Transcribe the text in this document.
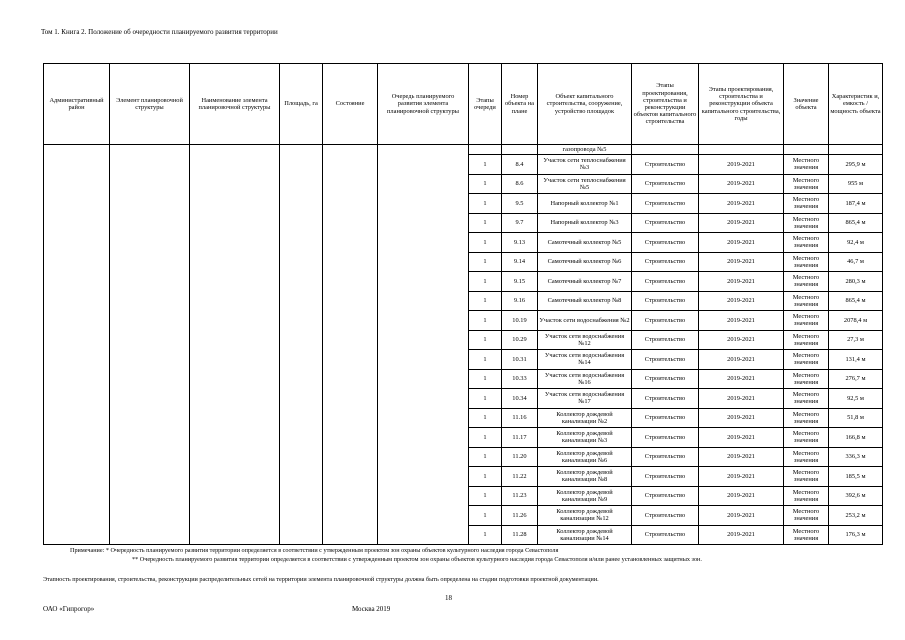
Том 1. Книга 2. Положение об очередности планируемого развития территории
Административный район	Элемент планировочной структуры	Наименование элемента планировочной структуры	Площадь, га	Состояние	Очередь планируемого развития элемента планировочной структуры	Этапы очереди	Номер объекта на плане	Объект капитального строительства, сооружение, устройство площадок	Этапы проектирования, строительства и реконструкции объектов капитального строительства	Этапы проектирования, строительства и реконструкции объекта капитального строительства, годы	Значение объекта	Характеристик и, емкость / мощность объекта
								газопровода №5				
						1	8.4	Участок сети теплоснабжения №3	Строительство	2019-2021	Местного значения	295,9 м
						1	8.6	Участок сети теплоснабжения №5	Строительство	2019-2021	Местного значения	955 м
						1	9.5	Напорный коллектор №1	Строительство	2019-2021	Местного значения	187,4 м
						1	9.7	Напорный коллектор №3	Строительство	2019-2021	Местного значения	865,4 м
						1	9.13	Самотечный коллектор №5	Строительство	2019-2021	Местного значения	92,4 м
						1	9.14	Самотечный коллектор №6	Строительство	2019-2021	Местного значения	46,7 м
						1	9.15	Самотечный коллектор №7	Строительство	2019-2021	Местного значения	280,3 м
						1	9.16	Самотечный коллектор №8	Строительство	2019-2021	Местного значения	865,4 м
						1	10.19	Участок сети водоснабжения №2	Строительство	2019-2021	Местного значения	2078,4 м
						1	10.29	Участок сети водоснабжения №12	Строительство	2019-2021	Местного значения	27,3 м
						1	10.31	Участок сети водоснабжения №14	Строительство	2019-2021	Местного значения	131,4 м
						1	10.33	Участок сети водоснабжения №16	Строительство	2019-2021	Местного значения	276,7 м
						1	10.34	Участок сети водоснабжения №17	Строительство	2019-2021	Местного значения	92,5 м
						1	11.16	Коллектор дождевой канализации №2	Строительство	2019-2021	Местного значения	51,8 м
						1	11.17	Коллектор дождевой канализации №3	Строительство	2019-2021	Местного значения	166,8 м
						1	11.20	Коллектор дождевой канализации №6	Строительство	2019-2021	Местного значения	336,3 м
						1	11.22	Коллектор дождевой канализации №8	Строительство	2019-2021	Местного значения	185,5 м
						1	11.23	Коллектор дождевой канализации №9	Строительство	2019-2021	Местного значения	392,6 м
						1	11.26	Коллектор дождевой канализации №12	Строительство	2019-2021	Местного значения	253,2 м
						1	11.28	Коллектор дождевой канализации №14	Строительство	2019-2021	Местного значения	176,3 м
Примечание: * Очередность планируемого развития территории определяется в соответствии с утвержденным проектом зон охраны объектов культурного наследия города Севастополя
** Очередность планируемого развития территории определяется в соответствии с утвержденным проектом зон охраны объектов культурного наследия города Севастополя и/или ранее установленных защитных зон.
Этапность проектирования, строительства, реконструкции распределительных сетей на территории элемента планировочной структуры должна быть определена на стадии подготовки проектной документации.
18
ОАО «Гипрогор»	Москва 2019
